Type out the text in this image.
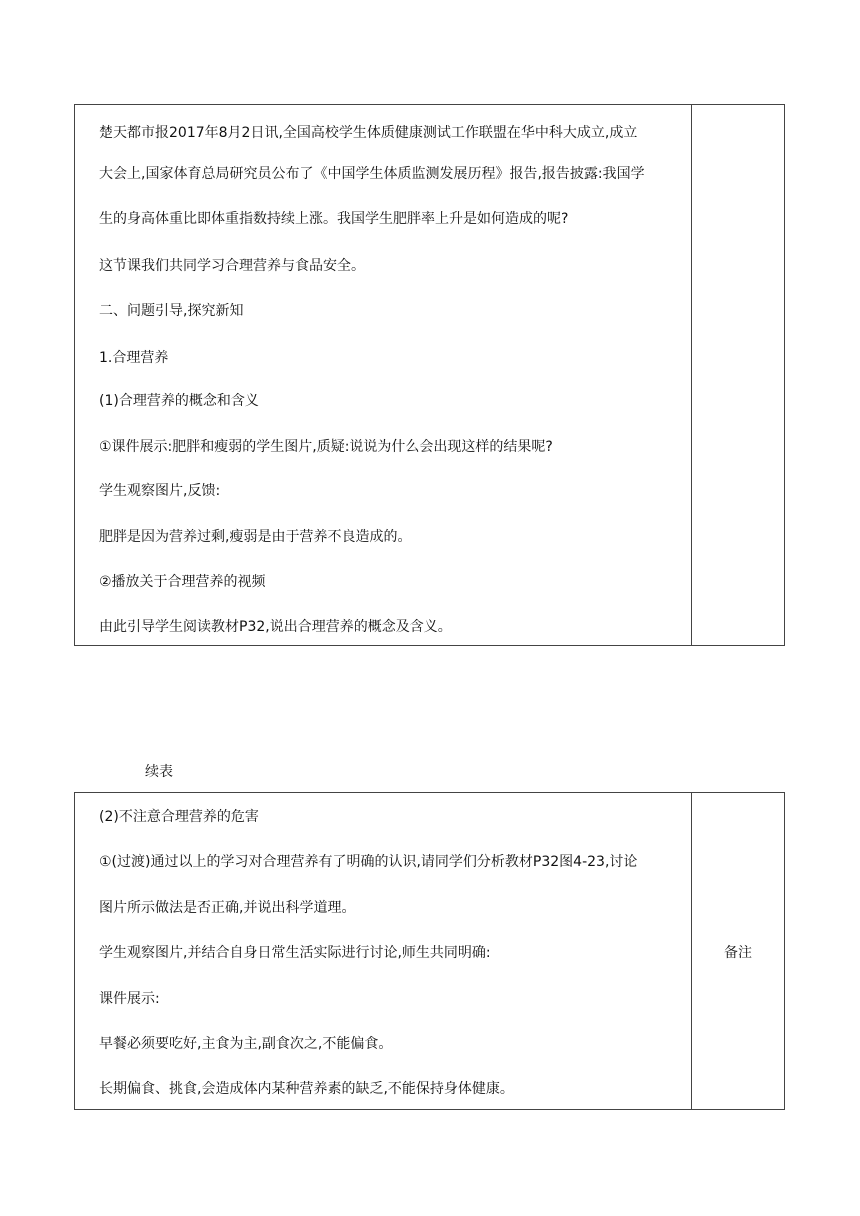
楚天都市报2017年8月2日讯,全国高校学生体质健康测试工作联盟在华中科大成立,成立
大会上,国家体育总局研究员公布了《中国学生体质监测发展历程》报告,报告披露:我国学
生的身高体重比即体重指数持续上涨。我国学生肥胖率上升是如何造成的呢?
这节课我们共同学习合理营养与食品安全。
二、问题引导,探究新知
1.合理营养
(1)合理营养的概念和含义
①课件展示:肥胖和瘦弱的学生图片,质疑:说说为什么会出现这样的结果呢?
学生观察图片,反馈:
肥胖是因为营养过剩,瘦弱是由于营养不良造成的。
②播放关于合理营养的视频
由此引导学生阅读教材P32,说出合理营养的概念及含义。
续表
(2)不注意合理营养的危害
①(过渡)通过以上的学习对合理营养有了明确的认识,请同学们分析教材P32图4-23,讨论
图片所示做法是否正确,并说出科学道理。
学生观察图片,并结合自身日常生活实际进行讨论,师生共同明确:
课件展示:
早餐必须要吃好,主食为主,副食次之,不能偏食。
长期偏食、挑食,会造成体内某种营养素的缺乏,不能保持身体健康。
备注
